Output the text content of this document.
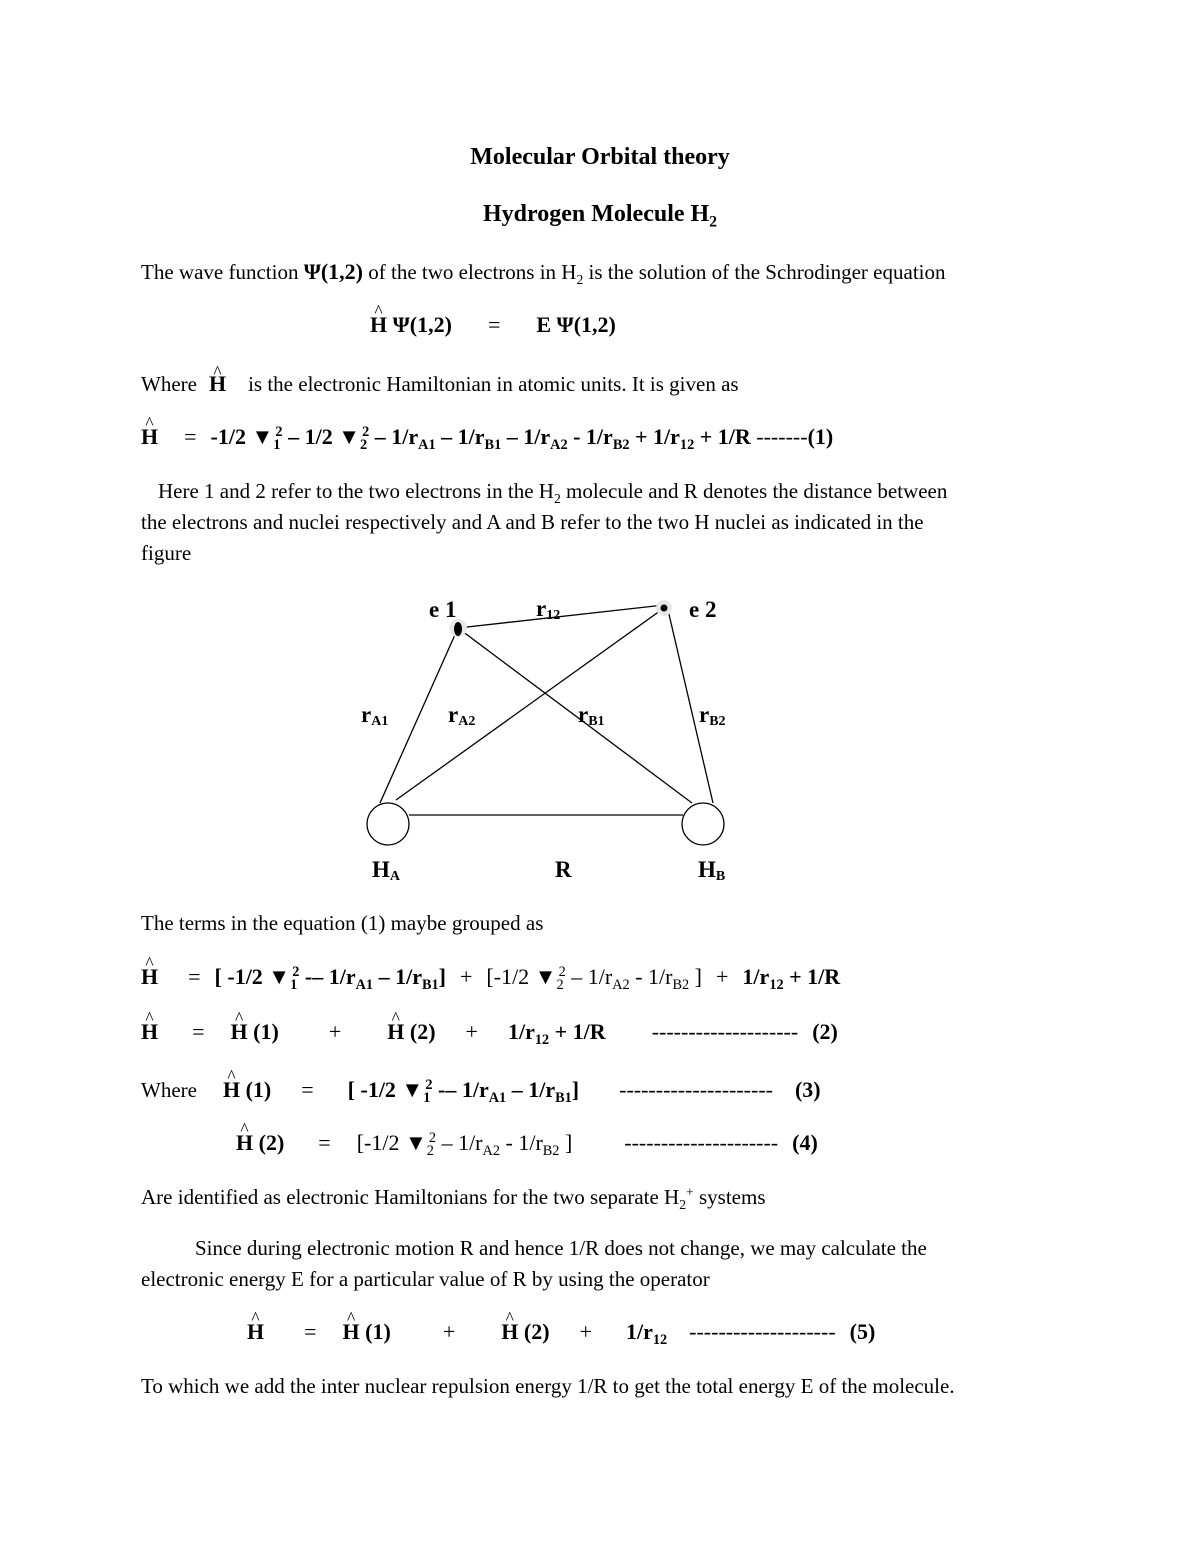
Molecular Orbital theory
Hydrogen Molecule $H_2$
The wave function Ψ(1,2) of the two electrons in $H_2$ is the solution of the Schrodinger equation
^ H Ψ(1,2) = E Ψ(1,2)
Where ^ H is the electronic Hamiltonian in atomic units. It is given as
^ H = -1/2 $▼_1^2 - 1/2$ $▼_2^2 - 1/r_{A1} - 1/r_{B1} - 1/r_{A2} - 1/r_{B2} + 1/r_{12} + 1/R$ -------(1)
Here 1 and 2 refer to the two electrons in the $H_2$ molecule and R denotes the distance between
the electrons and nuclei respectively and A and B refer to the two H nuclei as indicated in the
figure
e 1	e 2
r12
rA1	rA2	rB1	rB2
HA	R	HB
The terms in the equation (1) maybe grouped as
^ H = [ -1/2 $▼_1^2 -- 1/r_{A1} - 1/r_{B1}] + [-1/2$ $▼_2^2 - 1/r_{A2} - 1/r_{B2}$ ] + $1/r_{12} + 1/R$
^ H = ^ H (1) + ^ H $(2) + 1/r_{12} + 1/R$ -------------------- (2)
Where ^ H (1) = [ -1/2 $▼_1^2 -- 1/r_{A1} - 1/r_{B1}$] --------------------- (3)
^ H (2) = [-1/2 $▼_2^2 - 1/r_{A2} - 1/r_{B2}$ ] --------------------- (4)
Are identified as electronic Hamiltonians for the two separate $H_2^+$ systems
Since during electronic motion R and hence 1/R does not change, we may calculate the
electronic energy E for a particular value of R by using the operator
^ H = ^ H (1) + ^ H $(2) + 1/r_{12}$ -------------------- (5)
To which we add the inter nuclear repulsion energy 1/R to get the total energy E of the molecule.
